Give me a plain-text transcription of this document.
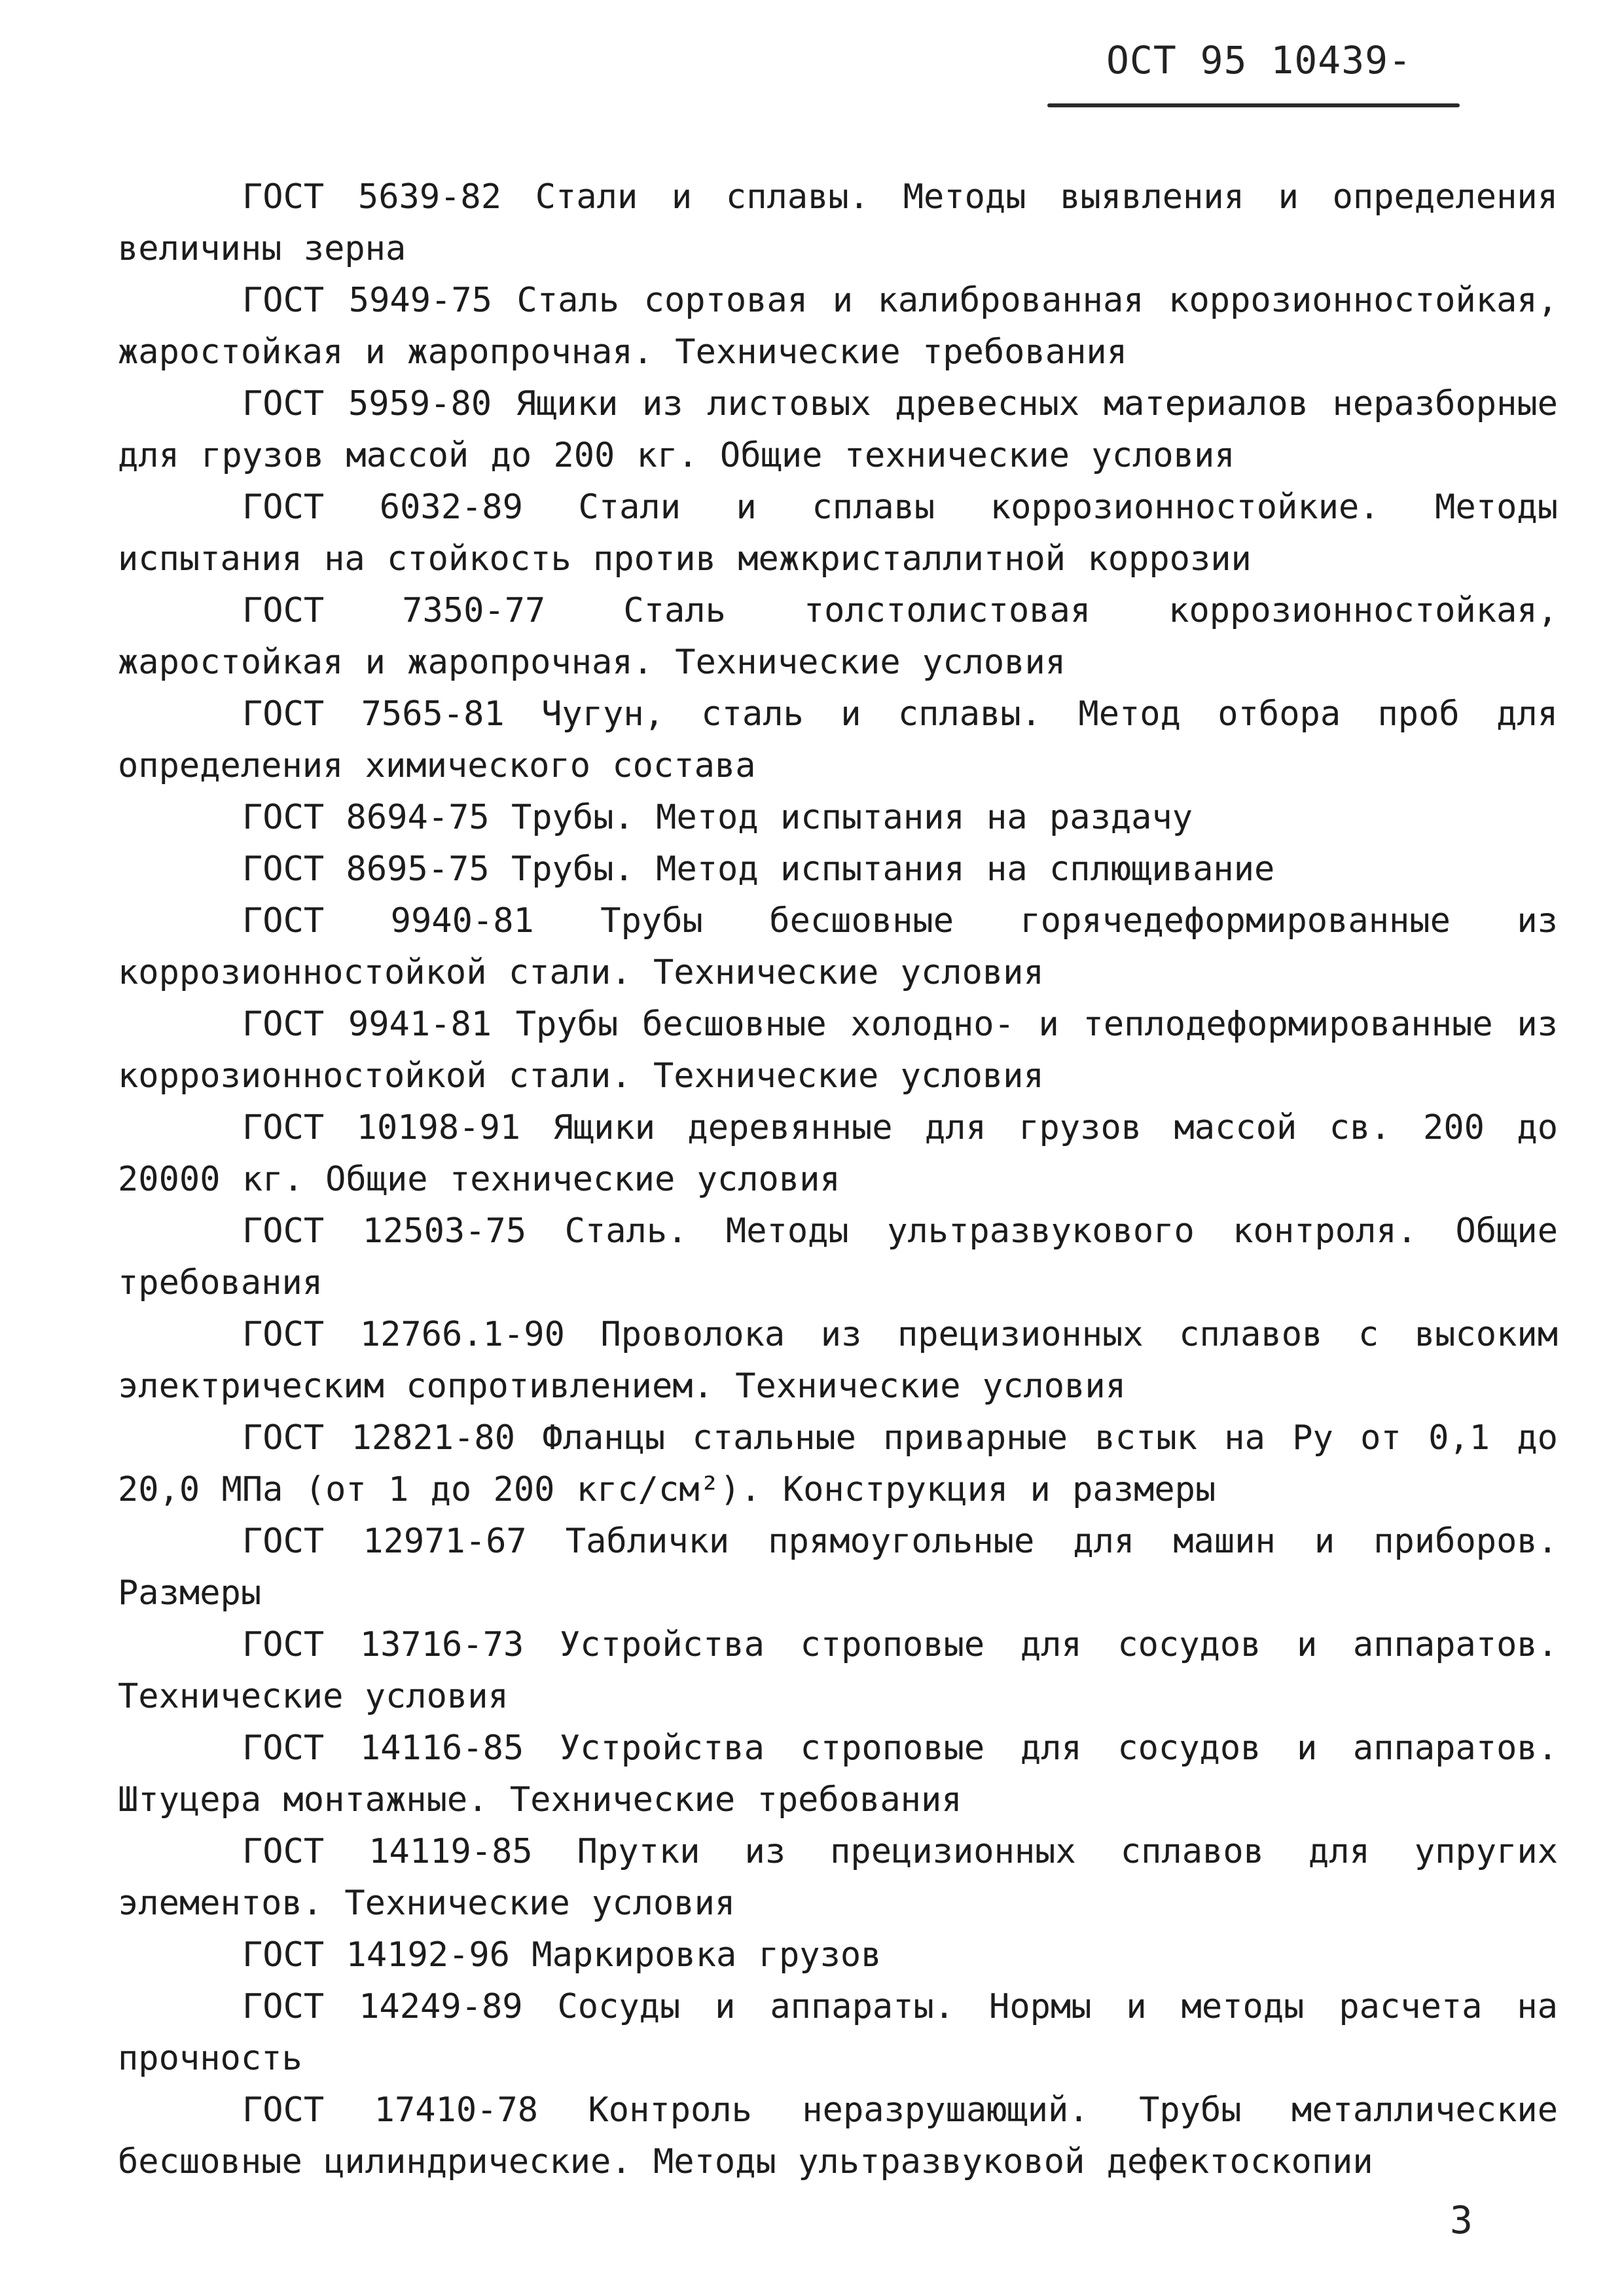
ОСТ 95 10439-

ГОСТ 5639-82 Стали и сплавы. Методы выявления и определения величины зерна

ГОСТ 5949-75 Сталь сортовая и калиброванная коррозионностойкая, жаростойкая и жаропрочная. Технические требования

ГОСТ 5959-80 Ящики из листовых древесных материалов неразборные для грузов массой до 200 кг. Общие технические условия

ГОСТ 6032-89 Стали и сплавы коррозионностойкие. Методы испытания на стойкость против межкристаллитной коррозии

ГОСТ 7350-77 Сталь толстолистовая коррозионностойкая, жаростойкая и жаропрочная. Технические условия

ГОСТ 7565-81 Чугун, сталь и сплавы. Метод отбора проб для определения химического состава

ГОСТ 8694-75 Трубы. Метод испытания на раздачу

ГОСТ 8695-75 Трубы. Метод испытания на сплющивание

ГОСТ 9940-81 Трубы бесшовные горячедеформированные из коррозионностойкой стали. Технические условия

ГОСТ 9941-81 Трубы бесшовные холодно- и теплодеформированные из коррозионностойкой стали. Технические условия

ГОСТ 10198-91 Ящики деревянные для грузов массой св. 200 до 20000 кг. Общие технические условия

ГОСТ 12503-75 Сталь. Методы ультразвукового контроля. Общие требования

ГОСТ 12766.1-90 Проволока из прецизионных сплавов с высоким электрическим сопротивлением. Технические условия

ГОСТ 12821-80 Фланцы стальные приварные встык на Ру от 0,1 до 20,0 МПа (от 1 до 200 кгс/см²). Конструкция и размеры

ГОСТ 12971-67 Таблички прямоугольные для машин и приборов. Размеры

ГОСТ 13716-73 Устройства строповые для сосудов и аппаратов. Технические условия

ГОСТ 14116-85 Устройства строповые для сосудов и аппаратов. Штуцера монтажные. Технические требования

ГОСТ 14119-85 Прутки из прецизионных сплавов для упругих элементов. Технические условия

ГОСТ 14192-96 Маркировка грузов

ГОСТ 14249-89 Сосуды и аппараты. Нормы и методы расчета на прочность

ГОСТ 17410-78 Контроль неразрушающий. Трубы металлические бесшовные цилиндрические. Методы ультразвуковой дефектоскопии

3
